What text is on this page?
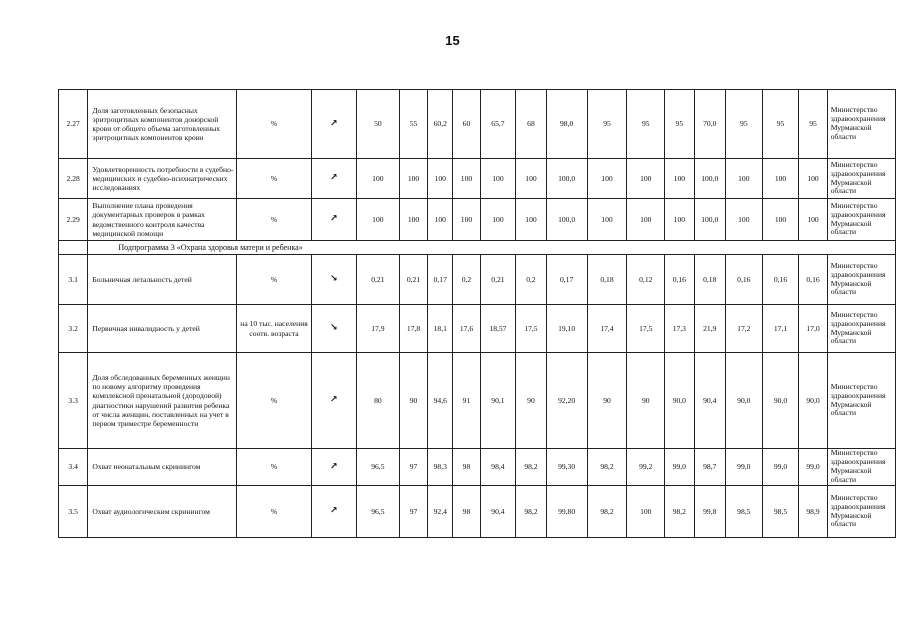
15
2.27	Доля заготовленных безопасных эритроцитных компонентов донорской крови от общего объема заготовленных эритроцитных компонентов крови	%	↗	50	55	60,2	60	65,7	68	98,0	95	95	95	70,0	95	95	95	Министерство здравоохранения Мурманской области
2.28	Удовлетворенность потребности в судебно-медицинских и судебно-психиатрических исследованиях	%	↗	100	100	100	100	100	100	100,0	100	100	100	100,0	100	100	100	Министерство здравоохранения Мурманской области
2.29	Выполнение плана проведения документарных проверок в рамках ведомственного контроля качества медицинской помощи	%	↗	100	100	100	100	100	100	100,0	100	100	100	100,0	100	100	100	Министерство здравоохранения Мурманской области
	Подпрограмма 3 «Охрана здоровья матери и ребенка»																	
3.1	Больничная летальность детей	%	↘	0,21	0,21	0,17	0,2	0,21	0,2	0,17	0,18	0,12	0,16	0,18	0,16	0,16	0,16	Министерство здравоохранения Мурманской области
3.2	Первичная инвалидность у детей	на 10 тыс. населения соотв. возраста	↘	17,9	17,8	18,1	17,6	18,57	17,5	19,10	17,4	17,5	17,3	21,9	17,2	17,1	17,0	Министерство здравоохранения Мурманской области
3.3	Доля обследованных беременных женщин по новому алгоритму проведения комплексной пренатальной (дородовой) диагностики нарушений развития ребенка от числа женщин, поставленных на учет в первом триместре беременности	%	↗	80	90	94,6	91	90,1	90	92,20	90	90	90,0	90,4	90,0	90,0	90,0	Министерство здравоохранения Мурманской области
3.4	Охват неонатальным скринингом	%	↗	96,5	97	98,3	98	98,4	98,2	99,30	98,2	99,2	99,0	98,7	99,0	99,0	99,0	Министерство здравоохранения Мурманской области
3.5	Охват аудиологическим скринингом	%	↗	96,5	97	92,4	98	90,4	98,2	99,80	98,2	100	98,2	99,8	98,5	98,5	98,9	Министерство здравоохранения Мурманской области
